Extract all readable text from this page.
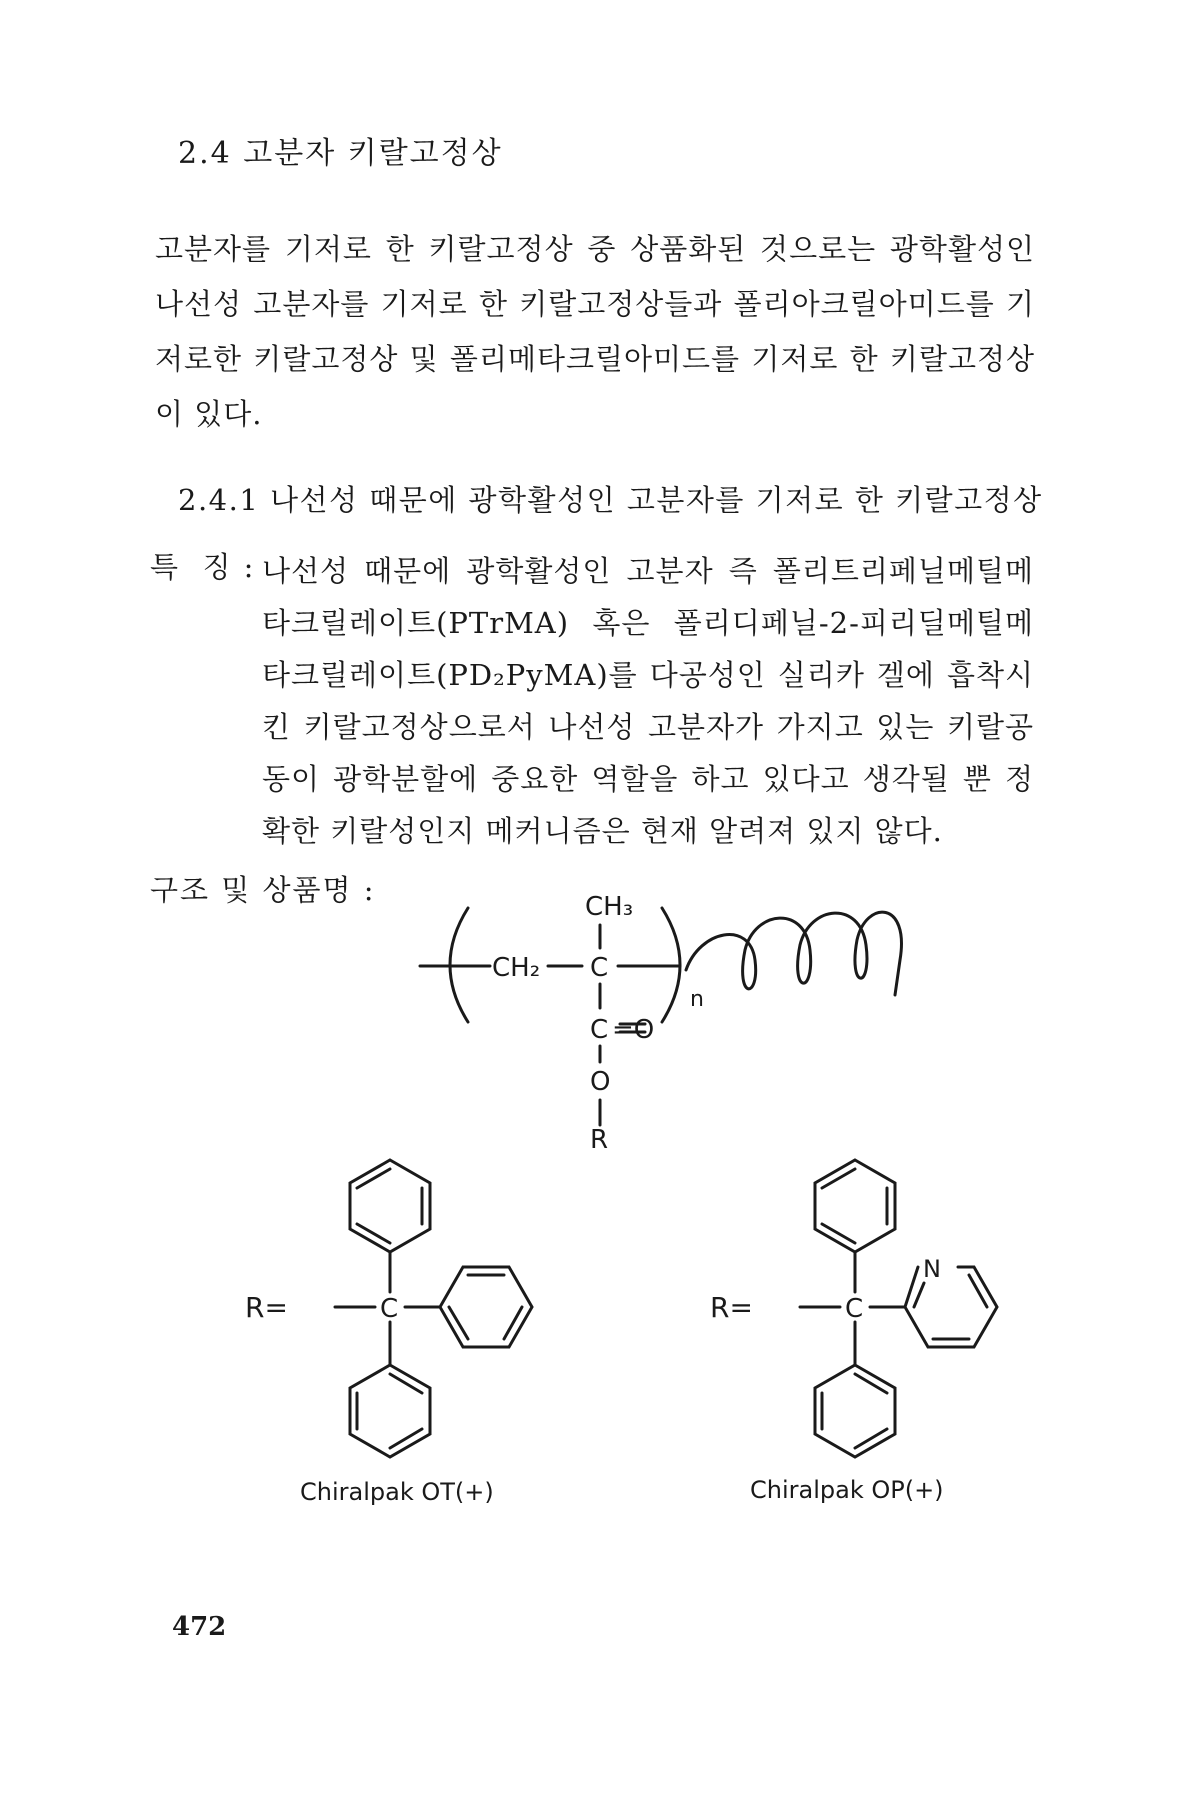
2.4 고분자 키랄고정상

고분자를 기저로 한 키랄고정상 중 상품화된 것으로는 광학활성인 나선성 고분자를 기저로 한 키랄고정상들과 폴리아크릴아미드를 기저로한 키랄고정상 및 폴리메타크릴아미드를 기저로 한 키랄고정상이 있다.

2.4.1 나선성 때문에 광학활성인 고분자를 기저로 한 키랄고정상
특  징 : 나선성 때문에 광학활성인 고분자 즉 폴리트리페닐메틸메타크릴레이트(PTrMA) 혹은 폴리디페닐-2-피리딜메틸메타크릴레이트(PD₂PyMA)를 다공성인 실리카 겔에 흡착시킨 키랄고정상으로서 나선성 고분자가 가지고 있는 키랄공동이 광학분할에 중요한 역할을 하고 있다고 생각될 뿐 정확한 키랄성인지 메커니즘은 현재 알려져 있지 않다.

구조 및 상품명 :	CH₃
CH₂ C
n
C =O
O
R
R=	C	R=	C
N
Chiralpak OT(+)	Chiralpak OP(+)
472
